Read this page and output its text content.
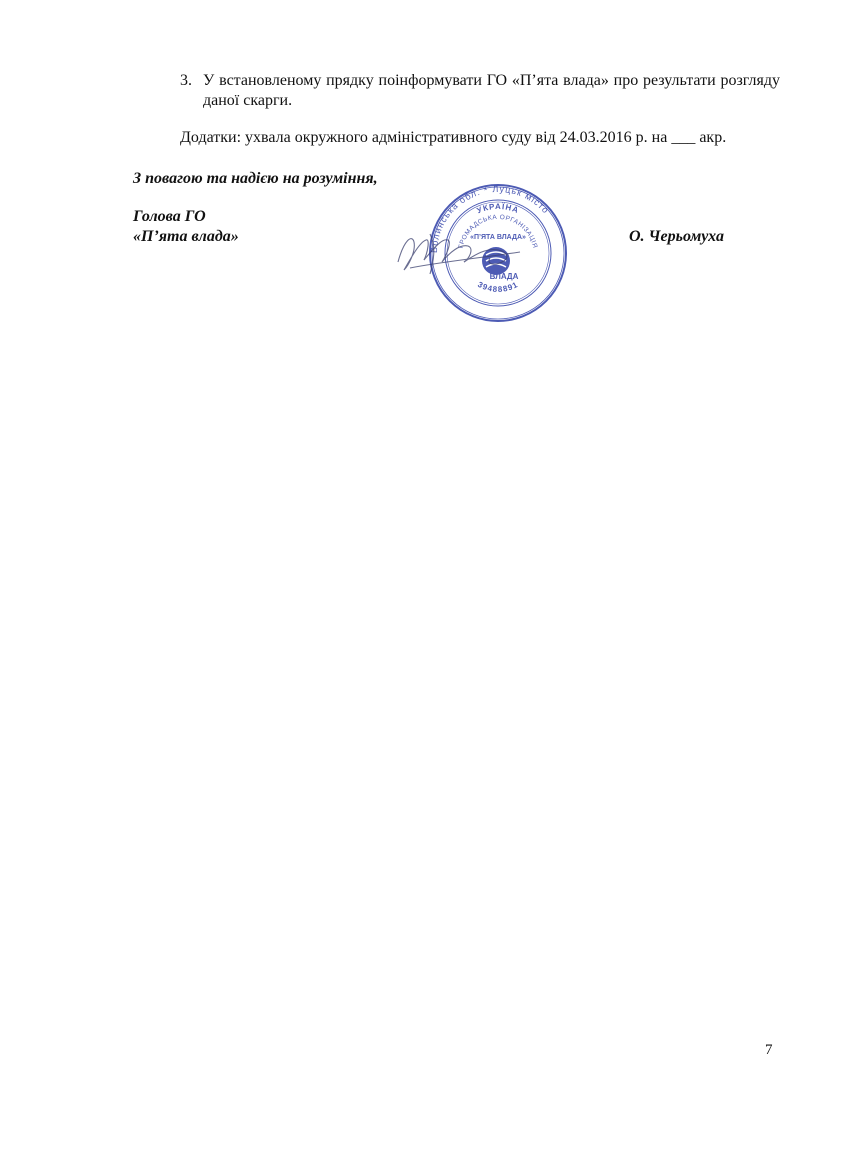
3. У встановленому прядку поінформувати ГО «П’ята влада» про результати розгляду даної скарги.
Додатки: ухвала окружного адміністративного суду від 24.03.2016 р. на ___ акр.
З повагою та надією на розуміння,
Голова ГО
«П’ята влада»	О. Черьомуха
Волинська обл. * Луцьк місто
УКРАЇНА
ГРОМАДСЬКА ОРГАНІЗАЦІЯ
«П’ЯТА ВЛАДА»
ВЛАДА
39488891
7
